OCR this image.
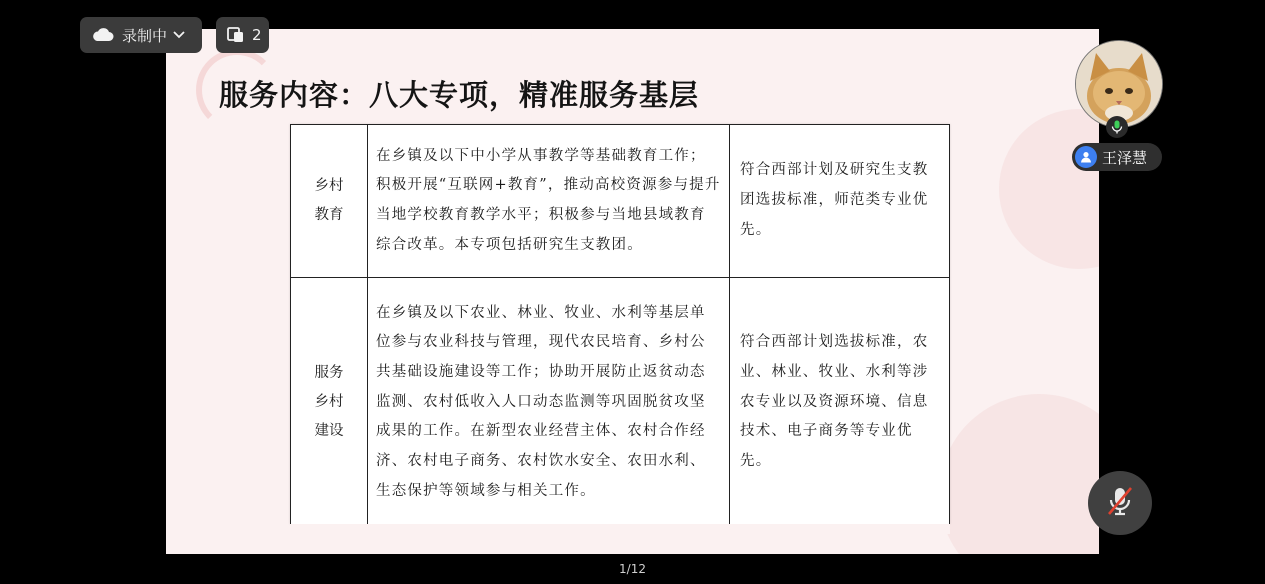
服务内容：八大专项，精准服务基层
乡村
教育	在乡镇及以下中小学从事教学等基础教育工作；积极开展“互联网+教育”，推动高校资源参与提升当地学校教育教学水平；积极参与当地县域教育综合改革。本专项包括研究生支教团。	符合西部计划及研究生支教团选拔标准，师范类专业优先。
服务
乡村
建设	在乡镇及以下农业、林业、牧业、水利等基层单位参与农业科技与管理，现代农民培育、乡村公共基础设施建设等工作；协助开展防止返贫动态监测、农村低收入人口动态监测等巩固脱贫攻坚成果的工作。在新型农业经营主体、农村合作经济、农村电子商务、农村饮水安全、农田水利、生态保护等领域参与相关工作。	符合西部计划选拔标准，农业、林业、牧业、水利等涉农专业以及资源环境、信息技术、电子商务等专业优先。
录制中	2
王泽慧
1/12
